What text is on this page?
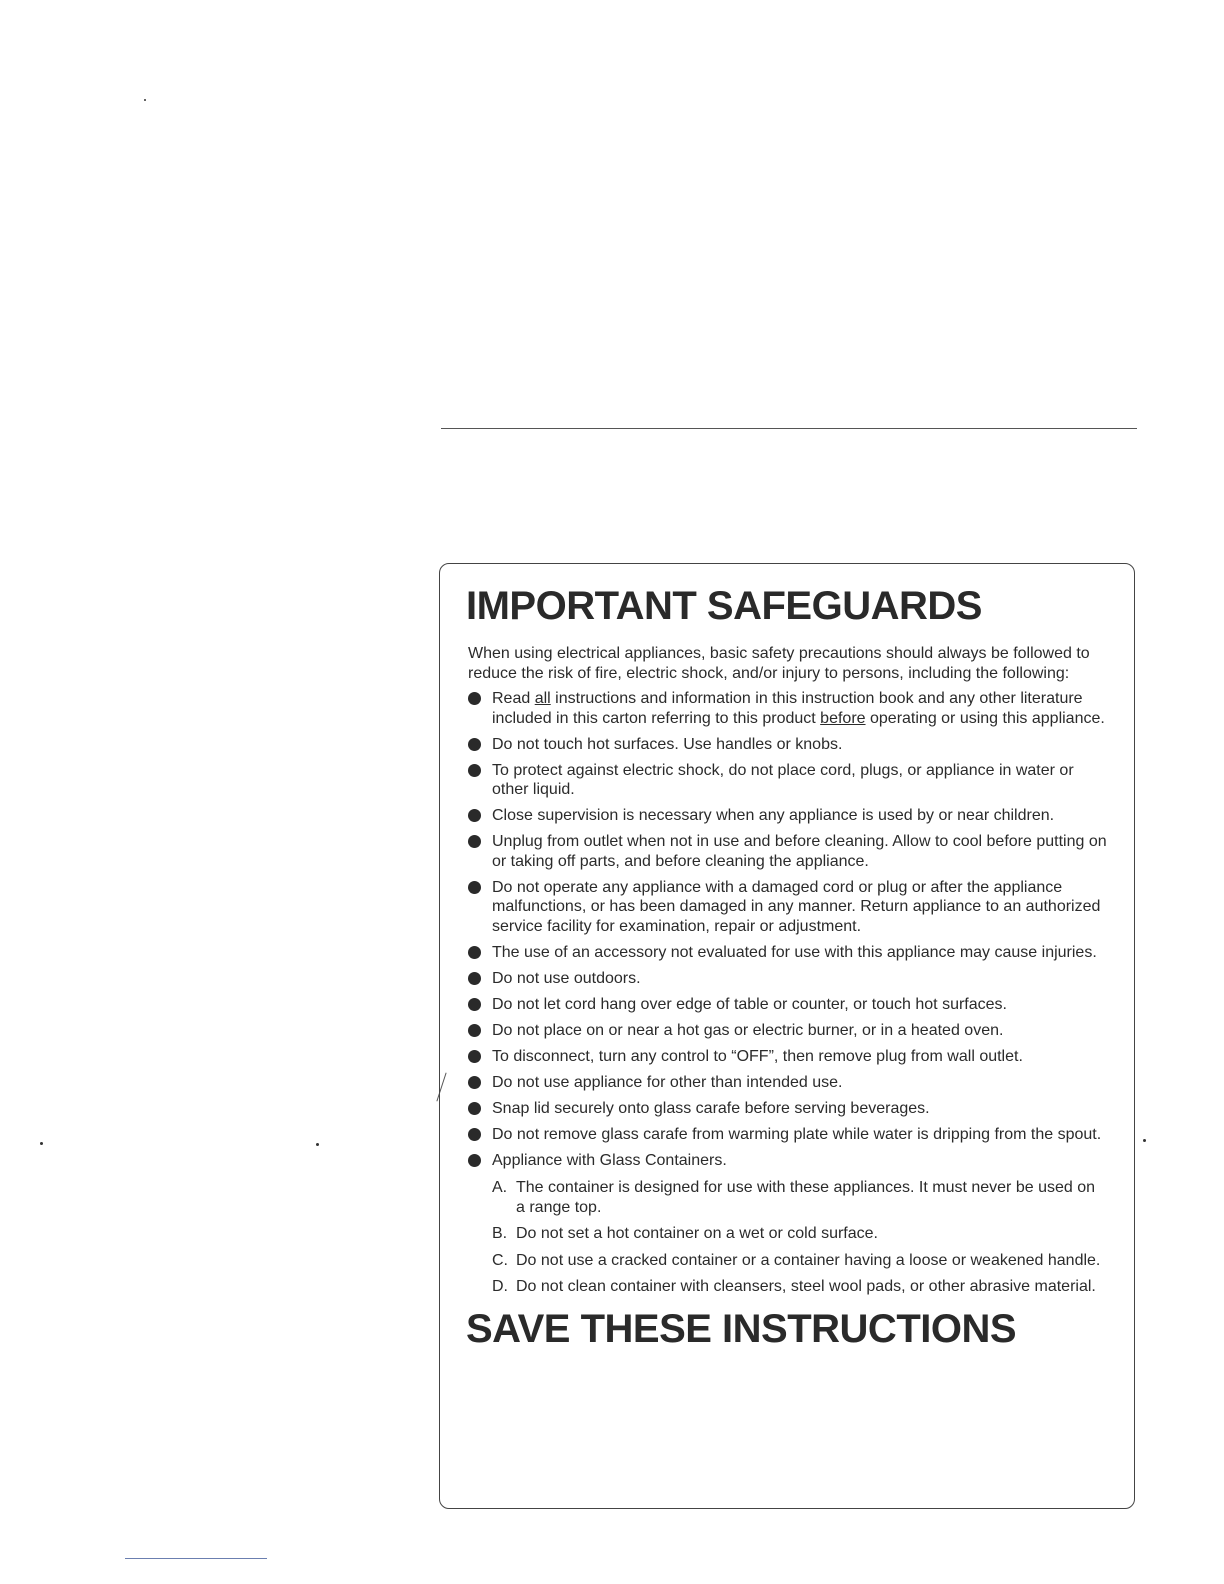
IMPORTANT SAFEGUARDS

When using electrical appliances, basic safety precautions should always be followed to reduce the risk of fire, electric shock, and/or injury to persons, including the following:

Read all instructions and information in this instruction book and any other literature included in this carton referring to this product before operating or using this appliance.
Do not touch hot surfaces. Use handles or knobs.
To protect against electric shock, do not place cord, plugs, or appliance in water or other liquid.
Close supervision is necessary when any appliance is used by or near children.
Unplug from outlet when not in use and before cleaning. Allow to cool before putting on or taking off parts, and before cleaning the appliance.
Do not operate any appliance with a damaged cord or plug or after the appliance malfunctions, or has been damaged in any manner. Return appliance to an authorized service facility for examination, repair or adjustment.
The use of an accessory not evaluated for use with this appliance may cause injuries.
Do not use outdoors.
Do not let cord hang over edge of table or counter, or touch hot surfaces.
Do not place on or near a hot gas or electric burner, or in a heated oven.
To disconnect, turn any control to “OFF”, then remove plug from wall outlet.
Do not use appliance for other than intended use.
Snap lid securely onto glass carafe before serving beverages.
Do not remove glass carafe from warming plate while water is dripping from the spout.
Appliance with Glass Containers.
A. The container is designed for use with these appliances. It must never be used on a range top.
B. Do not set a hot container on a wet or cold surface.
C. Do not use a cracked container or a container having a loose or weakened handle.
D. Do not clean container with cleansers, steel wool pads, or other abrasive material.
SAVE THESE INSTRUCTIONS
